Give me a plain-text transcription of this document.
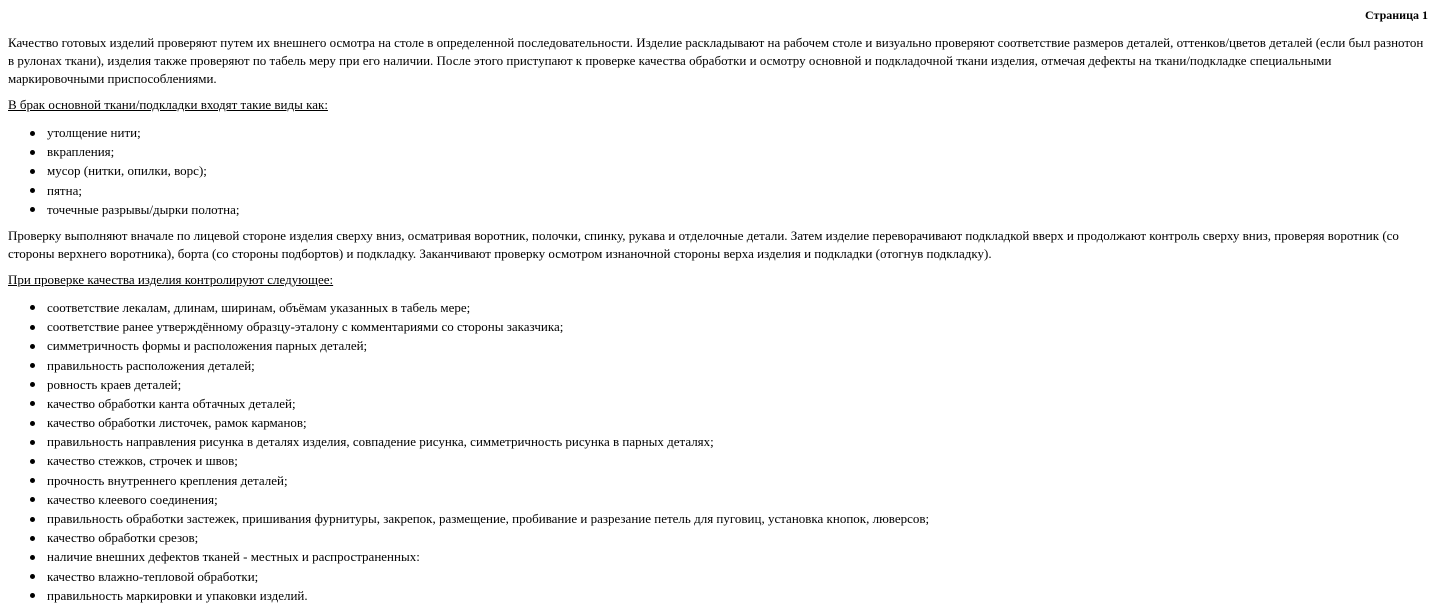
Страница 1

Качество готовых изделий проверяют путем их внешнего осмотра на столе в определенной последовательности. Изделие раскладывают на рабочем столе и визуально проверяют соответствие размеров деталей, оттенков/цветов деталей (если был разнотон в рулонах ткани), изделия также проверяют по табель меру при его наличии. После этого приступают к проверке качества обработки и осмотру основной и подкладочной ткани изделия, отмечая дефекты на ткани/подкладке специальными маркировочными приспособлениями.

В брак основной ткани/подкладки входят такие виды как:

утолщение нити;
вкрапления;
мусор (нитки, опилки, ворс);
пятна;
точечные разрывы/дырки полотна;

Проверку выполняют вначале по лицевой стороне изделия сверху вниз, осматривая воротник, полочки, спинку, рукава и отделочные детали. Затем изделие переворачивают подкладкой вверх и продолжают контроль сверху вниз, проверяя воротник (со стороны верхнего воротника), борта (со стороны подбортов) и подкладку. Заканчивают проверку осмотром изнаночной стороны верха изделия и подкладки (отогнув подкладку).

При проверке качества изделия контролируют следующее:

соответствие лекалам, длинам, ширинам, объёмам указанных в табель мере;
соответствие ранее утверждённому образцу-эталону с комментариями со стороны заказчика;
симметричность формы и расположения парных деталей;
правильность расположения деталей;
ровность краев деталей;
качество обработки канта обтачных деталей;
качество обработки листочек, рамок карманов;
правильность направления рисунка в деталях изделия, совпадение рисунка, симметричность рисунка в парных деталях;
качество стежков, строчек и швов;
прочность внутреннего крепления деталей;
качество клеевого соединения;
правильность обработки застежек, пришивания фурнитуры, закрепок, размещение, пробивание и разрезание петель для пуговиц, установка кнопок, люверсов;
качество обработки срезов;
наличие внешних дефектов тканей - местных и распространенных:
качество влажно-тепловой обработки;
правильность маркировки и упаковки изделий.
